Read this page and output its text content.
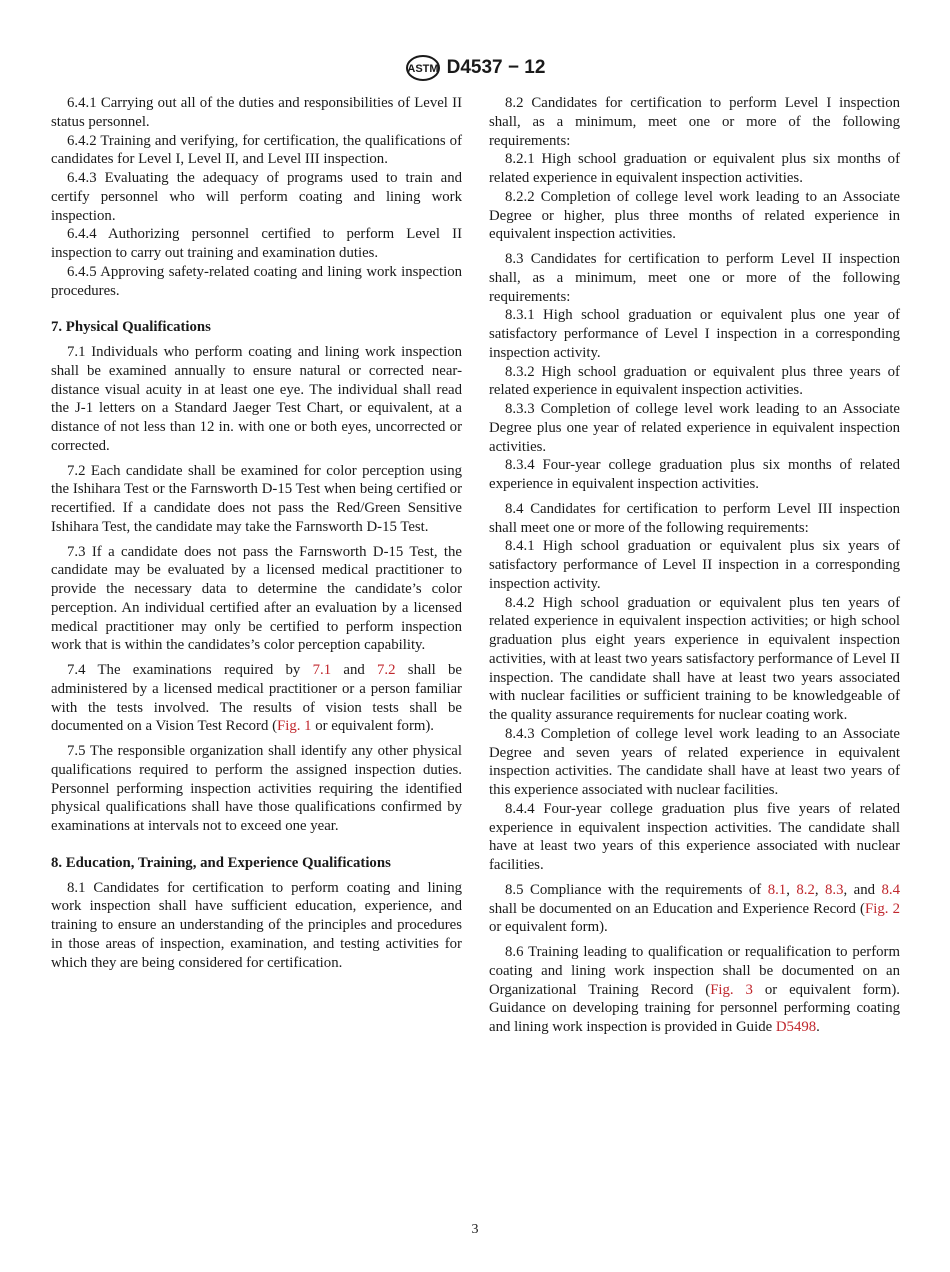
ASTM D4537 − 12

6.4.1 Carrying out all of the duties and responsibilities of Level II status personnel.

6.4.2 Training and verifying, for certification, the qualifications of candidates for Level I, Level II, and Level III inspection.

6.4.3 Evaluating the adequacy of programs used to train and certify personnel who will perform coating and lining work inspection.

6.4.4 Authorizing personnel certified to perform Level II inspection to carry out training and examination duties.

6.4.5 Approving safety-related coating and lining work inspection procedures.

7. Physical Qualifications

7.1 Individuals who perform coating and lining work inspection shall be examined annually to ensure natural or corrected near-distance visual acuity in at least one eye. The individual shall read the J-1 letters on a Standard Jaeger Test Chart, or equivalent, at a distance of not less than 12 in. with one or both eyes, uncorrected or corrected.

7.2 Each candidate shall be examined for color perception using the Ishihara Test or the Farnsworth D-15 Test when being certified or recertified. If a candidate does not pass the Red/Green Sensitive Ishihara Test, the candidate may take the Farnsworth D-15 Test.

7.3 If a candidate does not pass the Farnsworth D-15 Test, the candidate may be evaluated by a licensed medical practitioner to provide the necessary data to determine the candidate’s color perception. An individual certified after an evaluation by a licensed medical practitioner may only be certified to perform inspection work that is within the candidates’s color perception capability.

7.4 The examinations required by 7.1 and 7.2 shall be administered by a licensed medical practitioner or a person familiar with the tests involved. The results of vision tests shall be documented on a Vision Test Record (Fig. 1 or equivalent form).

7.5 The responsible organization shall identify any other physical qualifications required to perform the assigned inspection duties. Personnel performing inspection activities requiring the identified physical qualifications shall have those qualifications confirmed by examinations at intervals not to exceed one year.

8. Education, Training, and Experience Qualifications

8.1 Candidates for certification to perform coating and lining work inspection shall have sufficient education, experience, and training to ensure an understanding of the principles and procedures in those areas of inspection, examination, and testing activities for which they are being considered for certification.

8.2 Candidates for certification to perform Level I inspection shall, as a minimum, meet one or more of the following requirements:

8.2.1 High school graduation or equivalent plus six months of related experience in equivalent inspection activities.

8.2.2 Completion of college level work leading to an Associate Degree or higher, plus three months of related experience in equivalent inspection activities.

8.3 Candidates for certification to perform Level II inspection shall, as a minimum, meet one or more of the following requirements:

8.3.1 High school graduation or equivalent plus one year of satisfactory performance of Level I inspection in a corresponding inspection activity.

8.3.2 High school graduation or equivalent plus three years of related experience in equivalent inspection activities.

8.3.3 Completion of college level work leading to an Associate Degree plus one year of related experience in equivalent inspection activities.

8.3.4 Four-year college graduation plus six months of related experience in equivalent inspection activities.

8.4 Candidates for certification to perform Level III inspection shall meet one or more of the following requirements:

8.4.1 High school graduation or equivalent plus six years of satisfactory performance of Level II inspection in a corresponding inspection activity.

8.4.2 High school graduation or equivalent plus ten years of related experience in equivalent inspection activities; or high school graduation plus eight years experience in equivalent inspection activities, with at least two years satisfactory performance of Level II inspection. The candidate shall have at least two years associated with nuclear facilities or sufficient training to be knowledgeable of the quality assurance requirements for nuclear coating work.

8.4.3 Completion of college level work leading to an Associate Degree and seven years of related experience in equivalent inspection activities. The candidate shall have at least two years of this experience associated with nuclear facilities.

8.4.4 Four-year college graduation plus five years of related experience in equivalent inspection activities. The candidate shall have at least two years of this experience associated with nuclear facilities.

8.5 Compliance with the requirements of 8.1, 8.2, 8.3, and 8.4 shall be documented on an Education and Experience Record (Fig. 2 or equivalent form).

8.6 Training leading to qualification or requalification to perform coating and lining work inspection shall be documented on an Organizational Training Record (Fig. 3 or equivalent form). Guidance on developing training for personnel performing coating and lining work inspection is provided in Guide D5498.

3
